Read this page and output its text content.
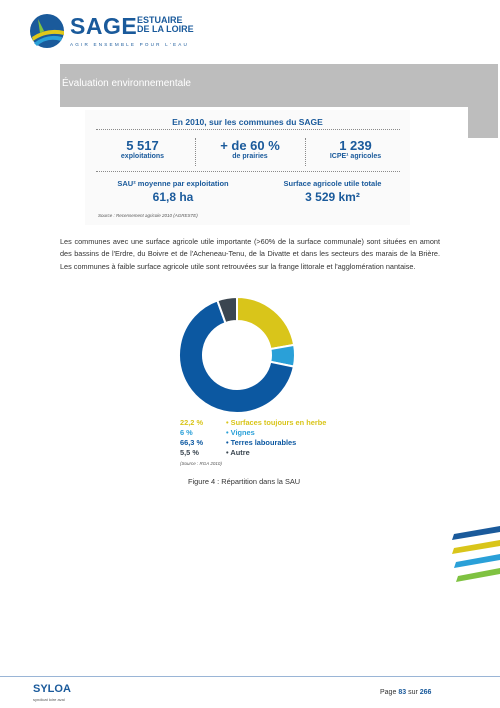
SAGE ESTUAIRE
DE LA LOIRE
AGIR ENSEMBLE POUR L'EAU
Évaluation environnementale
En 2010, sur les communes du SAGE
5 517
exploitations
+ de 60 %
de prairies
1 239
ICPE¹ agricoles
SAU² moyenne par exploitation
61,8 ha
Surface agricole utile totale
3 529 km²
Source : Recensement agricole 2010 (AGRESTE)
Les communes avec une surface agricole utile importante (>60% de la surface communale) sont situées en amont des bassins de l'Erdre, du Boivre et de l'Acheneau-Tenu, de la Divatte et dans les secteurs des marais de la Brière. Les communes à faible surface agricole utile sont retrouvées sur la frange littorale et l'agglomération nantaise.
22,2 %	• Surfaces toujours en herbe
6 %	• Vignes
66,3 %	• Terres labourables
5,5 %	• Autre
(Source : RGA 2010)
Figure 4 : Répartition dans la SAU
SYLOA
syndicat loire aval
Page 83 sur 266
